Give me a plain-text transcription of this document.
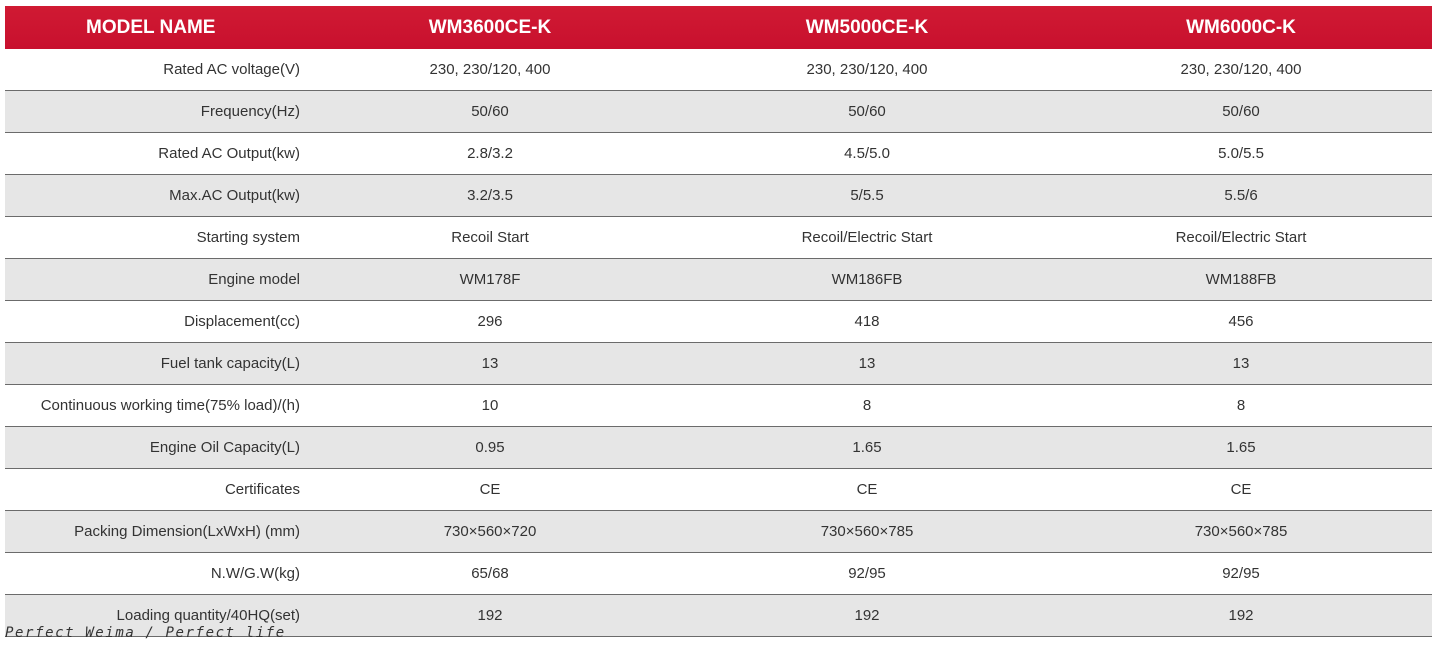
MODEL NAME	WM3600CE-K	WM5000CE-K	WM6000C-K
Rated AC voltage(V)	230, 230/120, 400	230, 230/120, 400	230, 230/120, 400
Frequency(Hz)	50/60	50/60	50/60
Rated AC Output(kw)	2.8/3.2	4.5/5.0	5.0/5.5
Max.AC Output(kw)	3.2/3.5	5/5.5	5.5/6
Starting system	Recoil Start	Recoil/Electric Start	Recoil/Electric Start
Engine model	WM178F	WM186FB	WM188FB
Displacement(cc)	296	418	456
Fuel tank capacity(L)	13	13	13
Continuous working time(75% load)/(h)	10	8	8
Engine Oil Capacity(L)	0.95	1.65	1.65
Certificates	CE	CE	CE
Packing Dimension(LxWxH) (mm)	730×560×720	730×560×785	730×560×785
N.W/G.W(kg)	65/68	92/95	92/95
Loading quantity/40HQ(set)	192	192	192
Perfect Weima / Perfect life
